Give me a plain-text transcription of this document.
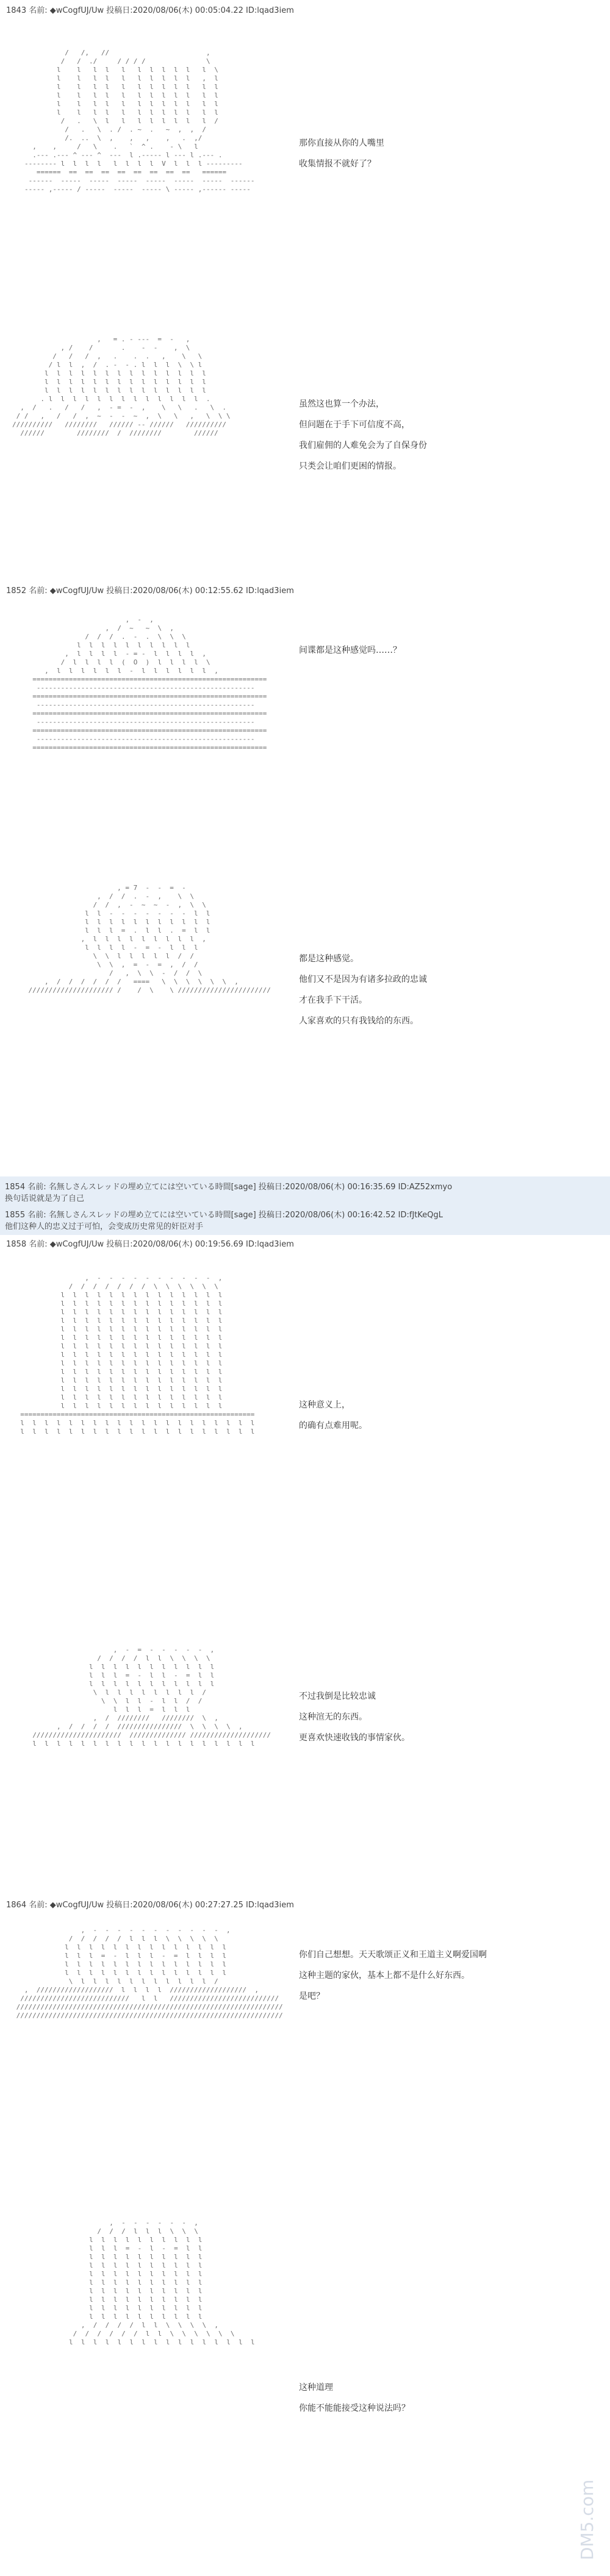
1843 名前: ◆wCogfUJ/Uw 投稿日:2020/08/06(木) 00:05:04.22 ID:lqad3iem
1852 名前: ◆wCogfUJ/Uw 投稿日:2020/08/06(木) 00:12:55.62 ID:lqad3iem
1854 名前: 名無しさんスレッドの埋め立てには空いている時間[sage] 投稿日:2020/08/06(木) 00:16:35.69 ID:AZ52xmyo
换句话说就是为了自己
1855 名前: 名無しさんスレッドの埋め立てには空いている時間[sage] 投稿日:2020/08/06(木) 00:16:42.52 ID:fJtKeQgL
他们这种人的忠义过于可怕，会变成历史常见的奸臣对手
1858 名前: ◆wCogfUJ/Uw 投稿日:2020/08/06(木) 00:19:56.69 ID:lqad3iem
1864 名前: ◆wCogfUJ/Uw 投稿日:2020/08/06(木) 00:27:27.25 ID:lqad3iem
/   /,   //                        ,
/   /  ./     / / / /               \
l    l   l  l   l   l  l  l  l  l   l  \
l    l   l  l   l   l  l  l  l  l   ,  l
l    l   l  l   l   l  l  l  l  l   l  l
l    l   l  l   l   l  l  l  l  l   l  l
l    l   l  l   l   l  l  l  l  l   l  l
l    l   l  l   l   l  l  l  l  l   l  l
/   .   \  l   l   l  l  l  l  l   l  /
/   .   \  . /  . ~  .   ~  ,  ,  /
/.  ..  \  ,    ,   ,    ,   .  ,/
,    ,     /   \    .   `  ^ .    - \   l
.--- .--- ^ --- ^  ---  l .----- l --- l .--- .
-------- l  l  l  l   l  l  l  l  V  l  l  l ---------
======  ==  ==  ==  ==  ==  ==  ==  ==   ======
------  -----  -----  -----  -----  -----  -----  ------
----- ,----- / -----  -----  ----- \ ----- ,------ -----
那你直接从你的人嘴里
收集情报不就好了？
,   = . - ---  =  -   ,
, /    /       .    -  -    ,  \
/   /   /  ,   .    .  .   ,    \   \
/ l  l  ,  /  . -  - . l  l  l  \  \ l
l  l  l  l  l  l  l  l  l  l  l  l  l  l
l  l  l  l  l  l  l  l  l  l  l  l  l  l
l  l  l  l  l  l  l  l  l  l  l  l  l  l
. l  l  l  l  l  l  l  l  l  l  l  l  l  .
,  /   .   /   /   ,  - =  -  ,    \   \   .   \  .
/ /   ,   /   /  ,  ~  -  -  ~  ,  \   \   ,   \  \ \
//////////   ////////   ////// -- //////   //////////
//////        ////////  /  ////////        //////
虽然这也算一个办法，
但问题在于手下可信度不高，
我们雇佣的人难免会为了自保身份
只类会让咱们更困的情报。
,  -  ,
,  /  ~   ~  \  ,
/  /  /  .  -  .  \  \  \
l  l  l  l  l  l  l  l  l  l
,  l  l  l  l  - = -  l  l  l  l  ,
/  l  l  l  l  (  O  )  l  l  l  l  \
,  l  l  l  l  l  l  -  l  l  l  l  l  l  ,
==========================================================
------------------------------------------------------
==========================================================
------------------------------------------------------
==========================================================
------------------------------------------------------
==========================================================
------------------------------------------------------
==========================================================
间谍都是这种感觉吗……？
, = 7  -  -  =  -
,  /  /  .  -  ,    \  \
/  /  ,  -  ~  ~  -  ,  \  \
l  l  -  -  -  -  -  -  -  l  l
l  l  l  l  l  l  l  l  l  l  l
l  l  l  =  .  l  l  .  =  l  l
,  l  l  l  l  l  l  l  l  l  ,
l  l  l  l  -  =  -  l  l  l
\  \  l  l  l  l  l  /  /
\  \  ,  =  -  =  ,  /  /
/   ,  \  \  -  /  /  \
,  /  /  /  /  /  /   ====   \  \  \  \  \  \  ,
///////////////////// /    /  \    \ ///////////////////////
都是这种感觉。
他们又不是因为有诸多拉政的忠诚
才在我手下干活。
人家喜欢的只有我钱给的东西。
,  -  -  -  -  -  -  -  -  -  -  ,
/  /  /  /  /  /  /  \  \  \  \  \  \
l  l  l  l  l  l  l  l  l  l  l  l  l  l
l  l  l  l  l  l  l  l  l  l  l  l  l  l
l  l  l  l  l  l  l  l  l  l  l  l  l  l
l  l  l  l  l  l  l  l  l  l  l  l  l  l
l  l  l  l  l  l  l  l  l  l  l  l  l  l
l  l  l  l  l  l  l  l  l  l  l  l  l  l
l  l  l  l  l  l  l  l  l  l  l  l  l  l
l  l  l  l  l  l  l  l  l  l  l  l  l  l
l  l  l  l  l  l  l  l  l  l  l  l  l  l
l  l  l  l  l  l  l  l  l  l  l  l  l  l
l  l  l  l  l  l  l  l  l  l  l  l  l  l
l  l  l  l  l  l  l  l  l  l  l  l  l  l
l  l  l  l  l  l  l  l  l  l  l  l  l  l
l  l  l  l  l  l  l  l  l  l  l  l  l  l
==========================================================
l  l  l  l  l  l  l  l  l  l  l  l  l  l  l  l  l  l  l  l
l  l  l  l  l  l  l  l  l  l  l  l  l  l  l  l  l  l  l  l
这种意义上，
的确有点难用呢。
,  -  =  -  -  -  -  -  ,
/  /  /  /  l  l  \  \  \  \
l  l  l  l  l  l  l  l  l  l  l
l  l  l  =  -  l  l  -  =  l  l
l  l  l  l  l  l  l  l  l  l  l
\  l  l  l  l  l  l  l  l  /
\  \  l  l  -  l  l  /  /
l  l  l  =  l  l  l
,  /  ////////   ////////  \  ,
,  /  /  /  /  ////////////////  \  \  \  \  ,
//////////////////////  ////////////// ////////////////////
l  l  l  l  l  l  l  l  l  l  l  l  l  l  l  l  l  l  l
不过我倒是比较忠诚
这种渲无的东西。
更喜欢快速收钱的事情家伙。
,  -  -  -  -  -  -  -  -  -  -  -  ,
/  /  /  /  /  l  l  l  \  \  \  \  \
l  l  l  l  l  l  l  l  l  l  l  l  l  l
l  l  l  =  -  l  l  l  -  =  l  l  l  l
l  l  l  l  l  l  l  l  l  l  l  l  l  l
l  l  l  l  l  l  l  l  l  l  l  l  l  l
\  l  l  l  l  l  l  l  l  l  l  l  /
,  ///////////////////  l  l  l  l  ///////////////////  ,
///////////////////////////   l  l   ///////////////////////////
//////////////////////////////////////////////////////////////////
//////////////////////////////////////////////////////////////////
你们自己想想。天天歌颂正义和王道主义啊爱国啊
这种主题的家伙，基本上都不是什么好东西。
是吧？
,  -  -  -  -  -  -  ,
/  /  /  l  l  l  \  \  \
l  l  l  l  l  l  l  l  l  l
l  l  l  =  -  l  -  =  l  l
l  l  l  l  l  l  l  l  l  l
l  l  l  l  l  l  l  l  l  l
l  l  l  l  l  l  l  l  l  l
l  l  l  l  l  l  l  l  l  l
l  l  l  l  l  l  l  l  l  l
l  l  l  l  l  l  l  l  l  l
l  l  l  l  l  l  l  l  l  l
l  l  l  l  l  l  l  l  l  l
,  /  /  /  /  l  l  \  \  \  \  ,
/  /  /  /  /  /  l  l  \  \  \  \  \  \
l  l  l  l  l  l  l  l  l  l  l  l  l  l  l  l
这种道理
你能不能能接受这种说法吗？
DM5.com
